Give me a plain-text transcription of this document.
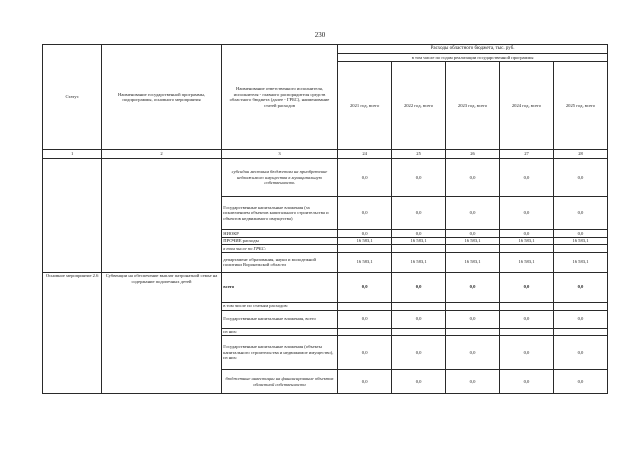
230
Статус	Наименование государственной программы, подпрограммы, основного мероприятия	Наименование ответственного исполнителя, исполнителя - главного распорядителя средств областного бюджета (далее - ГРБС), наименование статей расходов	Расходы областного бюджета, тыс. руб.				
			в том числе по годам реализации государственной программы				
			2021 год, всего	2022 год, всего	2023 год, всего	2024 год, всего	2025 год, всего
1	2	3	24	25	26	27	28
		субсидии местным бюджетам на приобретение недвижимого имущества в муниципальную собственность	0,0	0,0	0,0	0,0	0,0
		Государственные капитальные вложения (за исключением объектов капитального строительства и объектов недвижимого имущества)	0,0	0,0	0,0	0,0	0,0
		НИОКР	0,0	0,0	0,0	0,0	0,0
		ПРОЧИЕ расходы	16 583,1	16 583,1	16 583,1	16 583,1	16 583,1
		в том числе по ГРБС:					
		департамент образования, науки и молодежной политики Воронежской области	16 583,1	16 583,1	16 583,1	16 583,1	16 583,1
Основное мероприятие 2.6	Субвенции на обеспечение выплат патронатной семье на содержание подопечных детей	всего	0,0	0,0	0,0	0,0	0,0
		в том числе по статьям расходов:					
		Государственные капитальные вложения, всего	0,0	0,0	0,0	0,0	0,0
		из них:					
		Государственные капитальные вложения (объекты капитального строительства и недвижимое имущество), из них:	0,0	0,0	0,0	0,0	0,0
		бюджетные инвестиции на финансирование объектов областной собственности	0,0	0,0	0,0	0,0	0,0
